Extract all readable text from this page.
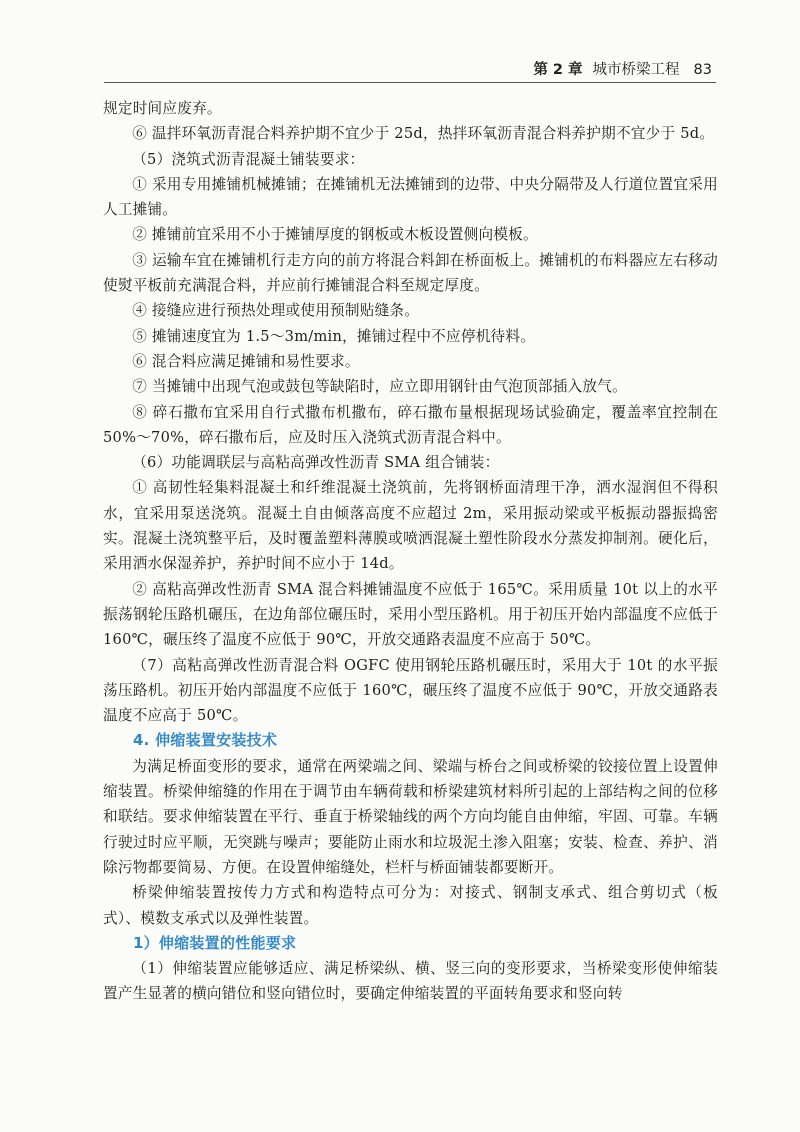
第 2 章 城市桥梁工程 83

规定时间应废弃。

⑥ 温拌环氧沥青混合料养护期不宜少于 25d，热拌环氧沥青混合料养护期不宜少于 5d。

（5）浇筑式沥青混凝土铺装要求：

① 采用专用摊铺机械摊铺；在摊铺机无法摊铺到的边带、中央分隔带及人行道位置宜采用人工摊铺。

② 摊铺前宜采用不小于摊铺厚度的钢板或木板设置侧向模板。

③ 运输车宜在摊铺机行走方向的前方将混合料卸在桥面板上。摊铺机的布料器应左右移动使熨平板前充满混合料，并应前行摊铺混合料至规定厚度。

④ 接缝应进行预热处理或使用预制贴缝条。

⑤ 摊铺速度宜为 1.5～3m/min，摊铺过程中不应停机待料。

⑥ 混合料应满足摊铺和易性要求。

⑦ 当摊铺中出现气泡或鼓包等缺陷时，应立即用钢针由气泡顶部插入放气。

⑧ 碎石撒布宜采用自行式撒布机撒布，碎石撒布量根据现场试验确定，覆盖率宜控制在 50%～70%，碎石撒布后，应及时压入浇筑式沥青混合料中。

（6）功能调联层与高粘高弹改性沥青 SMA 组合铺装：

① 高韧性轻集料混凝土和纤维混凝土浇筑前，先将钢桥面清理干净，洒水湿润但不得积水，宜采用泵送浇筑。混凝土自由倾落高度不应超过 2m，采用振动梁或平板振动器振捣密实。混凝土浇筑整平后，及时覆盖塑料薄膜或喷洒混凝土塑性阶段水分蒸发抑制剂。硬化后，采用洒水保湿养护，养护时间不应小于 14d。

② 高粘高弹改性沥青 SMA 混合料摊铺温度不应低于 165℃。采用质量 10t 以上的水平振荡钢轮压路机碾压，在边角部位碾压时，采用小型压路机。用于初压开始内部温度不应低于 160℃，碾压终了温度不应低于 90℃，开放交通路表温度不应高于 50℃。

（7）高粘高弹改性沥青混合料 OGFC 使用钢轮压路机碾压时，采用大于 10t 的水平振荡压路机。初压开始内部温度不应低于 160℃，碾压终了温度不应低于 90℃，开放交通路表温度不应高于 50℃。

4. 伸缩装置安装技术

为满足桥面变形的要求，通常在两梁端之间、梁端与桥台之间或桥梁的铰接位置上设置伸缩装置。桥梁伸缩缝的作用在于调节由车辆荷载和桥梁建筑材料所引起的上部结构之间的位移和联结。要求伸缩装置在平行、垂直于桥梁轴线的两个方向均能自由伸缩，牢固、可靠。车辆行驶过时应平顺，无突跳与噪声；要能防止雨水和垃圾泥土渗入阻塞；安装、检查、养护、消除污物都要简易、方便。在设置伸缩缝处，栏杆与桥面铺装都要断开。

桥梁伸缩装置按传力方式和构造特点可分为：对接式、钢制支承式、组合剪切式（板式）、模数支承式以及弹性装置。

1）伸缩装置的性能要求

（1）伸缩装置应能够适应、满足桥梁纵、横、竖三向的变形要求，当桥梁变形使伸缩装置产生显著的横向错位和竖向错位时，要确定伸缩装置的平面转角要求和竖向转
